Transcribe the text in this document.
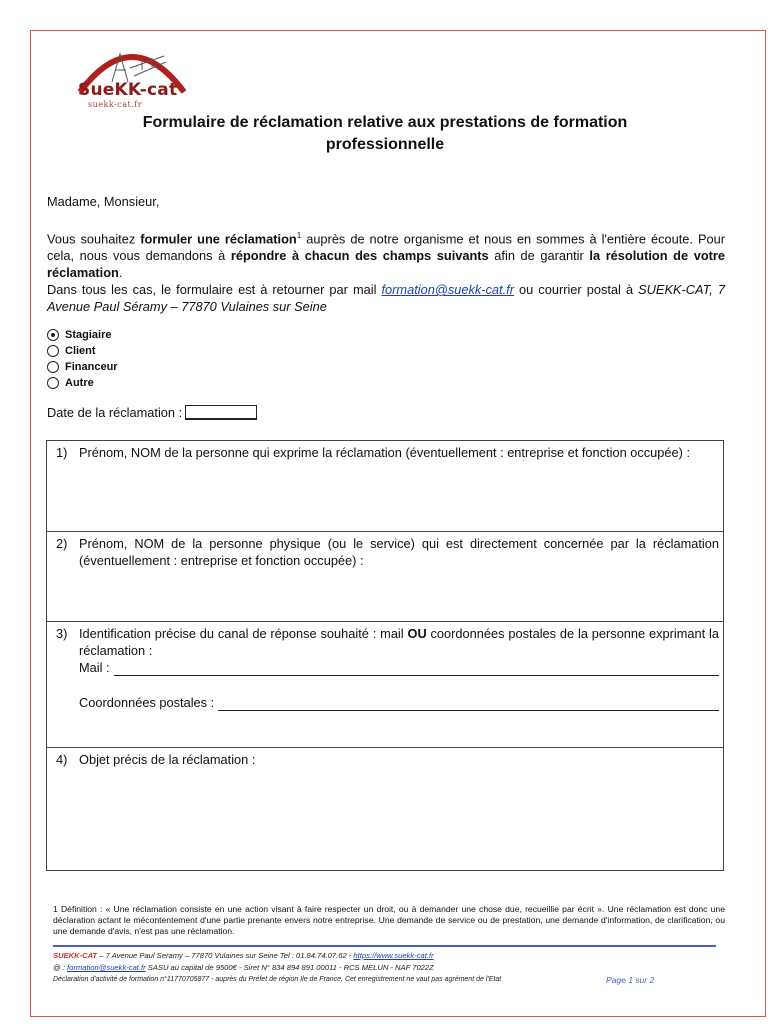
SueKK-cat
suekk-cat.fr
Formulaire de réclamation relative aux prestations de formation
professionnelle
Madame, Monsieur,
Vous souhaitez formuler une réclamation$^1$ auprès de notre organisme et nous en sommes à l'entière écoute. Pour cela, nous vous demandons à répondre à chacun des champs suivants afin de garantir la résolution de votre réclamation.
Dans tous les cas, le formulaire est à retourner par mail formation@suekk-cat.fr ou courrier postal à SUEKK-CAT, 7 Avenue Paul Séramy – 77870 Vulaines sur Seine
Stagiaire
Client
Financeur
Autre
Date de la réclamation :
1) Prénom, NOM de la personne qui exprime la réclamation (éventuellement : entreprise et fonction occupée) :
2) Prénom, NOM de la personne physique (ou le service) qui est directement concernée par la réclamation (éventuellement : entreprise et fonction occupée) :
3) Identification précise du canal de réponse souhaité : mail OU coordonnées postales de la personne exprimant la réclamation :
Mail :
Coordonnées postales :
4) Objet précis de la réclamation :
1 Définition : « Une réclamation consiste en une action visant à faire respecter un droit, ou à demander une chose due, recueillie par écrit ». Une réclamation est donc une déclaration actant le mécontentement d'une partie prenante envers notre entreprise. Une demande de service ou de prestation, une demande d'information, de clarification, ou une demande d'avis, n'est pas une réclamation.
SUEKK-CAT – 7 Avenue Paul Seramy – 77870 Vulaines sur Seine Tel : 01.84.74.07.62 - https://www.suekk-cat.fr
@ : formation@suekk-cat.fr SASU au capital de 9500€ - Siret N° 834 894 891 00011 - RCS MELUN - NAF 7022Z
Déclaration d'activité de formation n°11770705877 - auprès du Préfet de région Ile de France, Cet enregistrement ne vaut pas agrément de l'Etat	Page 1 sur 2
